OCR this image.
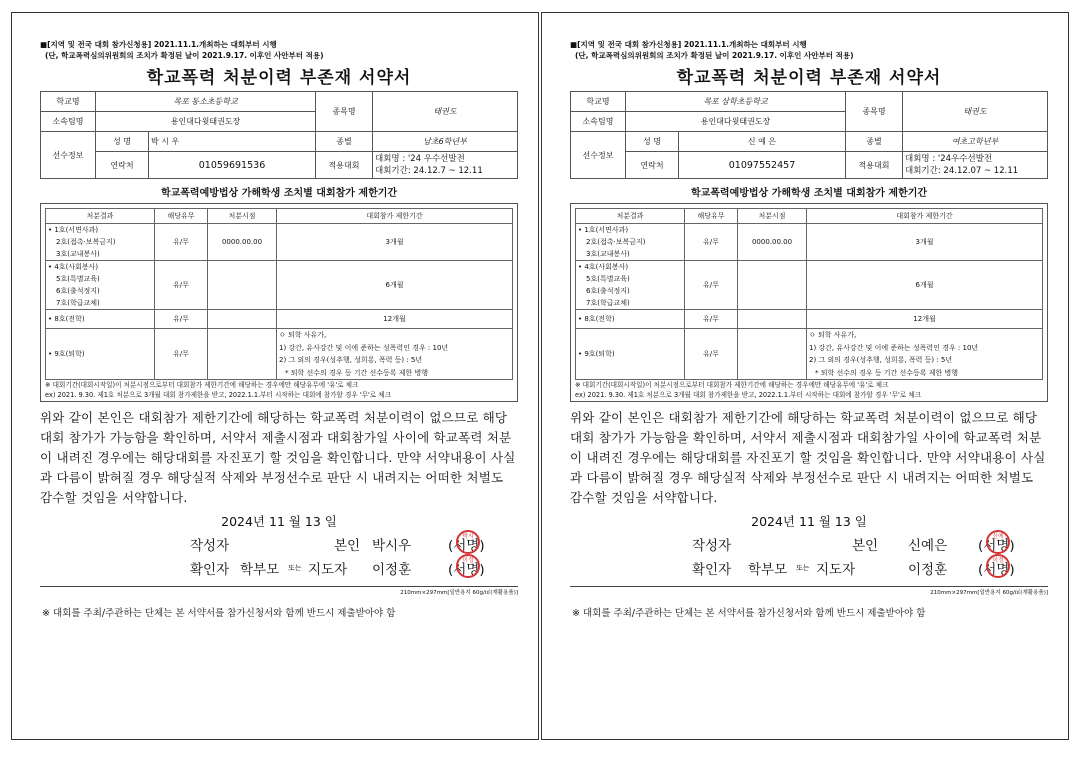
■[지역 및 전국 대회 참가신청용] 2021.11.1.개최하는 대회부터 시행
(단, 학교폭력심의위원회의 조치가 확정된 날이 2021.9.17. 이후인 사안부터 적용)
학교폭력 처분이력 부존재 서약서
학교명	목포 동소초등학교		종목명	태권도
소속팀명	용인대다윗태권도장			
선수정보	성 명	박 시 우	종별	남초6학년부
	연락처	01059691536	적용대회	대회명 : '24 우수선발전
대회기간: 24.12.7 ~ 12.11
학교폭력예방법상 가해학생 조치별 대회참가 제한기간
처분결과	해당유무	처분시점	대회참가 제한기간

• 1호(서면사과)
2호(접촉·보복금지)
3호(교내봉사)	유/무	0000.00.00	3개월

• 4호(사회봉사)
5호(특별교육)
6호(출석정지)
7호(학급교체)	유/무		6개월

• 8호(전학)	유/무		12개월

• 9호(퇴학)	유/무		ㅇ 퇴학 사유가,
1) 강간, 유사강간 및 이에 준하는 성폭력인 경우 : 10년
2) 그 외의 경우(성추행, 성희롱, 폭력 등) : 5년
* 퇴학 선수의 경우 등 기간 선수등록 제한 병행
※ 대회기간(대회시작일)이 처분시점으로부터 대회참가 제한기간에 해당하는 경우에만 해당유무에 '유'로 체크
ex) 2021. 9.30. 제1호 처분으로 3개월 대회 참가제한을 받고, 2022.1.1.부터 시작하는 대회에 참가할 경우 '무'로 체크
위와 같이 본인은 대회참가 제한기간에 해당하는 학교폭력 처분이력이 없으므로 해당 대회 참가가 가능함을 확인하며, 서약서 제출시점과 대회참가일 사이에 학교폭력 처분이 내려진 경우에는 해당대회를 자진포기 할 것임을 확인합니다. 만약 서약내용이 사실과 다름이 밝혀질 경우 해당실적 삭제와 부정선수로 판단 시 내려지는 어떠한 처벌도 감수할 것임을 서약합니다.
2024년 11 월 13 일
작성자	본인 박시우	(서명)
박시
확인자 학부모 또는 지도자 이정훈	(서명)
이정
210mm×297mm[일반용지 60g/㎡(재활용품)]
※ 대회를 주최/주관하는 단체는 본 서약서를 참가신청서와 함께 반드시 제출받아야 함
■[지역 및 전국 대회 참가신청용] 2021.11.1.개최하는 대회부터 시행
(단, 학교폭력심의위원회의 조치가 확정된 날이 2021.9.17. 이후인 사안부터 적용)
학교폭력 처분이력 부존재 서약서
학교명	목포 삼학초등학교		종목명	태권도
소속팀명	용인대다윗태권도장			
선수정보	성 명	신 예 은	종별	여초고학년부
	연락처	01097552457	적용대회	대회명 : '24우수선발전
대회기간: 24.12.07 ~ 12.11
학교폭력예방법상 가해학생 조치별 대회참가 제한기간
처분결과	해당유무	처분시점	대회참가 제한기간

• 1호(서면사과)
2호(접촉·보복금지)
3호(교내봉사)	유/무	0000.00.00	3개월

• 4호(사회봉사)
5호(특별교육)
6호(출석정지)
7호(학급교체)	유/무		6개월

• 8호(전학)	유/무		12개월

• 9호(퇴학)	유/무		ㅇ 퇴학 사유가,
1) 강간, 유사강간 및 이에 준하는 성폭력인 경우 : 10년
2) 그 외의 경우(성추행, 성희롱, 폭력 등) : 5년
* 퇴학 선수의 경우 등 기간 선수등록 제한 병행
※ 대회기간(대회시작일)이 처분시점으로부터 대회참가 제한기간에 해당하는 경우에만 해당유무에 '유'로 체크
ex) 2021. 9.30. 제1호 처분으로 3개월 대회 참가제한을 받고, 2022.1.1.부터 시작하는 대회에 참가할 경우 '무'로 체크
위와 같이 본인은 대회참가 제한기간에 해당하는 학교폭력 처분이력이 없으므로 해당 대회 참가가 가능함을 확인하며, 서약서 제출시점과 대회참가일 사이에 학교폭력 처분이 내려진 경우에는 해당대회를 자진포기 할 것임을 확인합니다. 만약 서약내용이 사실과 다름이 밝혀질 경우 해당실적 삭제와 부정선수로 판단 시 내려지는 어떠한 처벌도 감수할 것임을 서약합니다.
2024년 11 월 13 일
작성자	본인 신예은 (서명)
신예
확인자 학부모 또는 지도자	이정훈 (서명)
이정
210mm×297mm[일반용지 60g/㎡(재활용품)]
※ 대회를 주최/주관하는 단체는 본 서약서를 참가신청서와 함께 반드시 제출받아야 함
